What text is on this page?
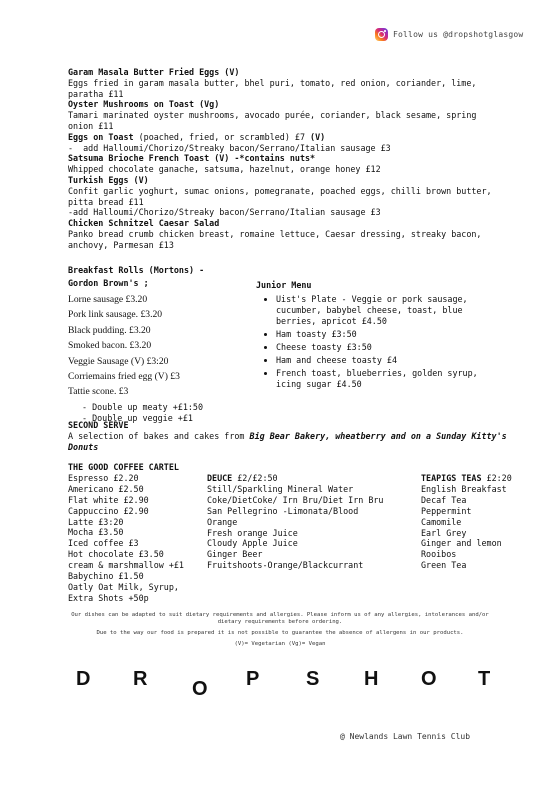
Follow us @dropshotglasgow
Garam Masala Butter Fried Eggs (V)

Eggs fried in garam masala butter, bhel puri, tomato, red onion, coriander, lime, paratha £11

Oyster Mushrooms on Toast (Vg)

Tamari marinated oyster mushrooms, avocado purée, coriander, black sesame, spring onion £11

Eggs on Toast (poached, fried, or scrambled) £7 (V)

-  add Halloumi/Chorizo/Streaky bacon/Serrano/Italian sausage £3

Satsuma Brioche French Toast (V) -*contains nuts*

Whipped chocolate ganache, satsuma, hazelnut, orange honey £12

Turkish Eggs (V)

Confit garlic yoghurt, sumac onions, pomegranate, poached eggs, chilli brown butter, pitta bread £11

-add Halloumi/Chorizo/Streaky bacon/Serrano/Italian sausage £3

Chicken Schnitzel Caesar Salad

Panko bread crumb chicken breast, romaine lettuce, Caesar dressing, streaky bacon, anchovy, Parmesan £13

Breakfast Rolls (Mortons) -
Gordon Brown's ;
Lorne sausage £3.20
Pork link sausage. £3.20
Black pudding. £3.20
Smoked bacon. £3.20
Veggie Sausage (V) £3:20
Corriemains fried egg (V) £3
Tattie scone. £3
- Double up meaty +£1:50
- Double up veggie +£1
Junior Menu
• Uist's Plate - Veggie or pork sausage, cucumber, babybel cheese, toast, blue berries, apricot £4.50
• Ham toasty £3:50
• Cheese toasty £3:50
• Ham and cheese toasty £4
• French toast, blueberries, golden syrup, icing sugar £4.50
SECOND SERVE
A selection of bakes and cakes from Big Bear Bakery, wheatberry and on a Sunday Kitty's Donuts
THE GOOD COFFEE CARTEL
Espresso £2.20
Americano £2.50
Flat white £2.90
Cappuccino £2.90
Latte £3:20
Mocha £3.50
Iced coffee £3
Hot chocolate £3.50
cream & marshmallow +£1
Babychino £1.50
Oatly Oat Milk, Syrup,
Extra Shots +50p
DEUCE £2/£2:50
Still/Sparkling Mineral Water
Coke/DietCoke/ Irn Bru/Diet Irn Bru
San Pellegrino -Limonata/Blood
Orange
Fresh orange Juice
Cloudy Apple Juice
Ginger Beer
Fruitshoots-Orange/Blackcurrant
TEAPIGS TEAS £2:20
English Breakfast
Decaf Tea
Peppermint
Camomile
Earl Grey
Ginger and lemon
Rooibos
Green Tea

Our dishes can be adapted to suit dietary requirements and allergies. Please inform us of any allergies, intolerances and/or dietary requirements before ordering.

Due to the way our food is prepared it is not possible to guarantee the absence of allergens in our products.

(V)= Vegetarian (Vg)= Vegan

D R O P S H O T
@ Newlands Lawn Tennis Club
